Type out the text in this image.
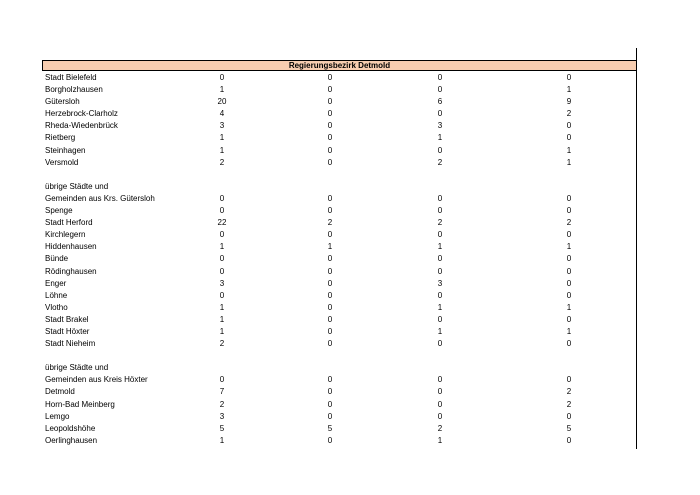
Regierungsbezirk Detmold
Stadt Bielefeld	0	0	0	0
Borgholzhausen	1	0	0	1
Gütersloh	20	0	6	9
Herzebrock-Clarholz	4	0	0	2
Rheda-Wiedenbrück	3	0	3	0
Rietberg	1	0	1	0
Steinhagen	1	0	0	1
Versmold	2	0	2	1
übrige Städte und
Gemeinden aus Krs. Gütersloh	0	0	0	0
Spenge	0	0	0	0
Stadt Herford	22	2	2	2
Kirchlegern	0	0	0	0
Hiddenhausen	1	1	1	1
Bünde	0	0	0	0
Rödinghausen	0	0	0	0
Enger	3	0	3	0
Löhne	0	0	0	0
Vlotho	1	0	1	1
Stadt Brakel	1	0	0	0
Stadt Höxter	1	0	1	1
Stadt Nieheim	2	0	0	0
übrige Städte und
Gemeinden aus Kreis Höxter	0	0	0	0
Detmold	7	0	0	2
Horn-Bad Meinberg	2	0	0	2
Lemgo	3	0	0	0
Leopoldshöhe	5	5	2	5
Oerlinghausen	1	0	1	0
